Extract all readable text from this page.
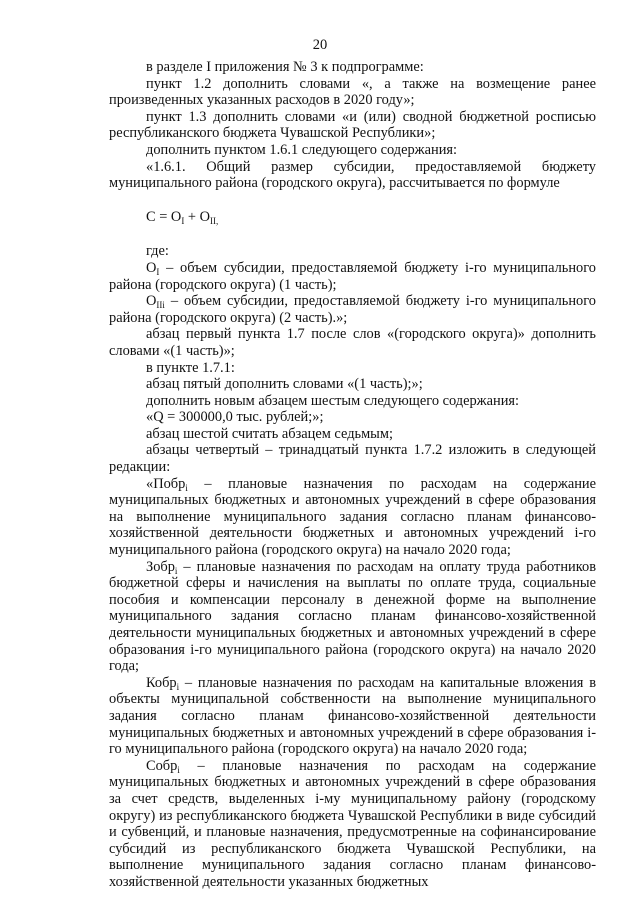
20

в разделе I приложения № 3 к подпрограмме:

пункт 1.2 дополнить словами «, а также на возмещение ранее произведенных указанных расходов в 2020 году»;

пункт 1.3 дополнить словами «и (или) сводной бюджетной росписью республиканского бюджета Чувашской Республики»;

дополнить пунктом 1.6.1 следующего содержания:

«1.6.1. Общий размер субсидии, предоставляемой бюджету муниципального района (городского округа), рассчитывается по формуле

$С = О_I + О_{II,}$

где:

$О_I$ – объем субсидии, предоставляемой бюджету i-го муниципального района (городского округа) (1 часть);

$О_{IIi}$ – объем субсидии, предоставляемой бюджету i-го муниципального района (городского округа) (2 часть).»;

абзац первый пункта 1.7 после слов «(городского округа)» дополнить словами «(1 часть)»;

в пункте 1.7.1:

абзац пятый дополнить словами «(1 часть);»;

дополнить новым абзацем шестым следующего содержания:

«Q = 300000,0 тыс. рублей;»;

абзац шестой считать абзацем седьмым;

абзацы четвертый – тринадцатый пункта 1.7.2 изложить в следующей редакции:

«Побр$_i$ – плановые назначения по расходам на содержание муниципальных бюджетных и автономных учреждений в сфере образования на выполнение муниципального задания согласно планам финансово-хозяйственной деятельности бюджетных и автономных учреждений i-го муниципального района (городского округа) на начало 2020 года;

Зобр$_i$ – плановые назначения по расходам на оплату труда работников бюджетной сферы и начисления на выплаты по оплате труда, социальные пособия и компенсации персоналу в денежной форме на выполнение муниципального задания согласно планам финансово-хозяйственной деятельности муниципальных бюджетных и автономных учреждений в сфере образования i-го муниципального района (городского округа) на начало 2020 года;

Кобр$_i$ – плановые назначения по расходам на капитальные вложения в объекты муниципальной собственности на выполнение муниципального задания согласно планам финансово-хозяйственной деятельности муниципальных бюджетных и автономных учреждений в сфере образования i-го муниципального района (городского округа) на начало 2020 года;

Собр$_i$ – плановые назначения по расходам на содержание муниципальных бюджетных и автономных учреждений в сфере образования за счет средств, выделенных i-му муниципальному району (городскому округу) из республиканского бюджета Чувашской Республики в виде субсидий и субвенций, и плановые назначения, предусмотренные на софинансирование субсидий из республиканского бюджета Чувашской Республики, на выполнение муниципального задания согласно планам финансово-хозяйственной деятельности указанных бюджетных
